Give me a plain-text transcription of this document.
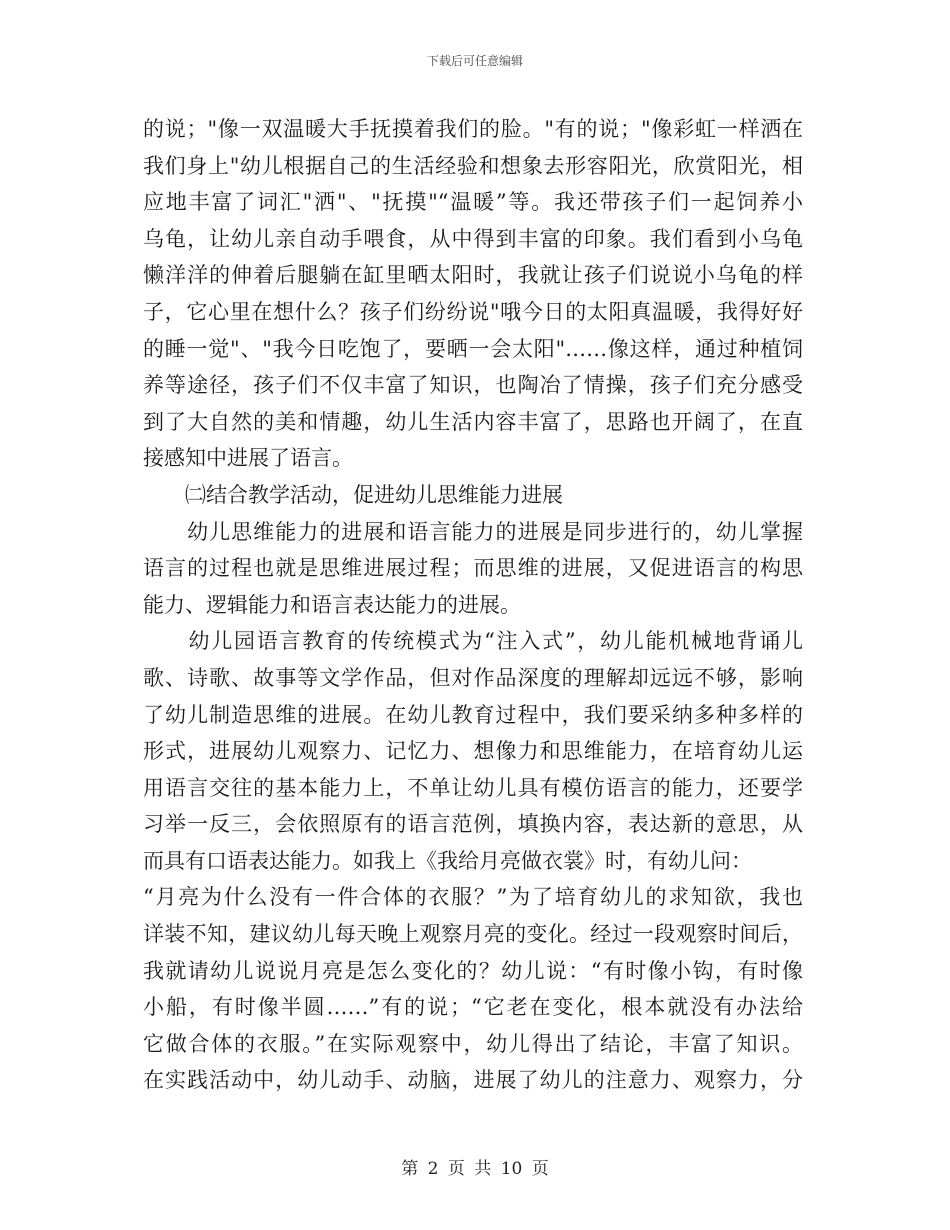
下载后可任意编辑
的说；"像一双温暖大手抚摸着我们的脸。"有的说；"像彩虹一样洒在
我们身上"幼儿根据自己的生活经验和想象去形容阳光，欣赏阳光，相
应地丰富了词汇"洒"、"抚摸"“温暖”等。我还带孩子们一起饲养小
乌龟，让幼儿亲自动手喂食，从中得到丰富的印象。我们看到小乌龟
懒洋洋的伸着后腿躺在缸里晒太阳时，我就让孩子们说说小乌龟的样
子，它心里在想什么？孩子们纷纷说"哦今日的太阳真温暖，我得好好
的睡一觉"、"我今日吃饱了，要晒一会太阳"……像这样，通过种植饲
养等途径，孩子们不仅丰富了知识，也陶冶了情操，孩子们充分感受
到了大自然的美和情趣，幼儿生活内容丰富了，思路也开阔了，在直
接感知中进展了语言。
　　㈡结合教学活动，促进幼儿思维能力进展
　　幼儿思维能力的进展和语言能力的进展是同步进行的，幼儿掌握
语言的过程也就是思维进展过程；而思维的进展，又促进语言的构思
能力、逻辑能力和语言表达能力的进展。
　　幼儿园语言教育的传统模式为“注入式”，幼儿能机械地背诵儿
歌、诗歌、故事等文学作品，但对作品深度的理解却远远不够，影响
了幼儿制造思维的进展。在幼儿教育过程中，我们要采纳多种多样的
形式，进展幼儿观察力、记忆力、想像力和思维能力，在培育幼儿运
用语言交往的基本能力上，不单让幼儿具有模仿语言的能力，还要学
习举一反三，会依照原有的语言范例，填换内容，表达新的意思，从
而具有口语表达能力。如我上《我给月亮做衣裳》时，有幼儿问：
“月亮为什么没有一件合体的衣服？”为了培育幼儿的求知欲，我也
详装不知，建议幼儿每天晚上观察月亮的变化。经过一段观察时间后，
我就请幼儿说说月亮是怎么变化的？幼儿说：“有时像小钩，有时像
小船，有时像半圆……”有的说；“它老在变化，根本就没有办法给
它做合体的衣服。”在实际观察中，幼儿得出了结论，丰富了知识。
在实践活动中，幼儿动手、动脑，进展了幼儿的注意力、观察力，分
第 2 页 共 10 页
